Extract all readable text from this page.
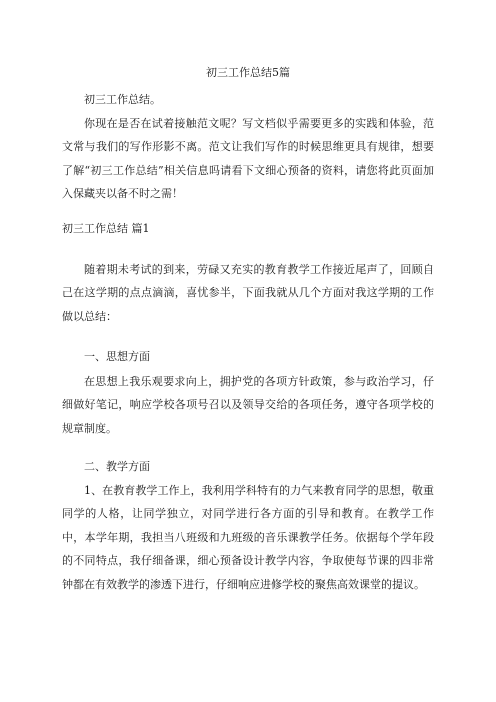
初三工作总结5篇

初三工作总结。

你现在是否在试着接触范文呢？写文档似乎需要更多的实践和体验，范文常与我们的写作形影不离。范文让我们写作的时候思维更具有规律，想要了解“初三工作总结”相关信息吗请看下文细心预备的资料，请您将此页面加入保藏夹以备不时之需！

初三工作总结 篇1

随着期未考试的到来，劳碌又充实的教育教学工作接近尾声了，回顾自己在这学期的点点滴滴，喜忧参半，下面我就从几个方面对我这学期的工作做以总结：

一、思想方面

在思想上我乐观要求向上，拥护党的各项方针政策，参与政治学习，仔细做好笔记，响应学校各项号召以及领导交给的各项任务，遵守各项学校的规章制度。

二、教学方面

1、在教育教学工作上，我利用学科特有的力气来教育同学的思想，敬重同学的人格，让同学独立，对同学进行各方面的引导和教育。在教学工作中，本学年期，我担当八班级和九班级的音乐课教学任务。依据每个学年段的不同特点，我仔细备课，细心预备设计教学内容，争取使每节课的四非常钟都在有效教学的渗透下进行，仔细响应进修学校的聚焦高效课堂的提议。
